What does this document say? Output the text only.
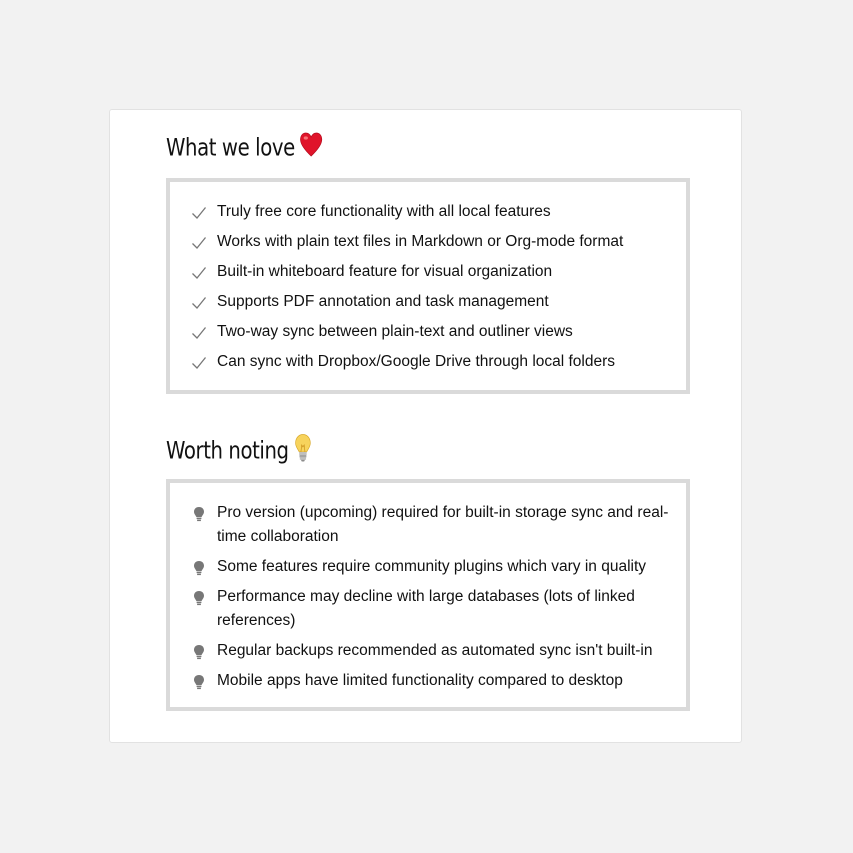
What we love
Truly free core functionality with all local features
Works with plain text files in Markdown or Org-mode format
Built-in whiteboard feature for visual organization
Supports PDF annotation and task management
Two-way sync between plain-text and outliner views
Can sync with Dropbox/Google Drive through local folders
Worth noting
Pro version (upcoming) required for built-in storage sync and real-time collaboration
Some features require community plugins which vary in quality
Performance may decline with large databases (lots of linked references)
Regular backups recommended as automated sync isn't built-in
Mobile apps have limited functionality compared to desktop
